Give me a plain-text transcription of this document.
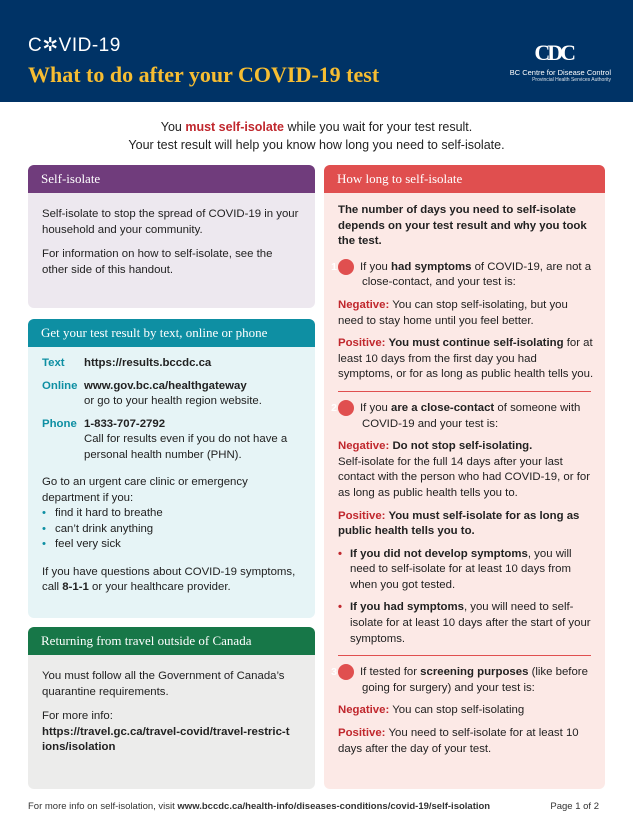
C✲VID-19
What to do after your COVID-19 test
CDC
BC Centre for Disease Control
Provincial Health Services Authority
You must self-isolate while you wait for your test result.
Your test result will help you know how long you need to self-isolate.
Self-isolate

Self-isolate to stop the spread of COVID-19 in your household and your community.

For information on how to self-isolate, see the other side of this handout.

Get your test result by text, online or phone
Text	https://results.bccdc.ca
Online www.gov.bc.ca/healthgateway
or go to your health region website.
Phone 1-833-707-2792
Call for results even if you do not have a personal health number (PHN).

Go to an urgent care clinic or emergency department if you:

• find it hard to breathe
• can’t drink anything
• feel very sick

If you have questions about COVID-19 symptoms, call 8-1-1 or your healthcare provider.

Returning from travel outside of Canada

You must follow all the Government of Canada’s quarantine requirements.

For more info:

https://travel.gc.ca/travel-covid/travel-restric-tions/isolation

How long to self-isolate

The number of days you need to self-isolate depends on your test result and why you took the test.

1 If you had symptoms of COVID-19, are not a close-contact, and your test is:

Negative: You can stop self-isolating, but you need to stay home until you feel better.

Positive: You must continue self-isolating for at least 10 days from the first day you had symptoms, or for as long as public health tells you.

2 If you are a close-contact of someone with COVID-19 and your test is:

Negative: Do not stop self-isolating.
Self-isolate for the full 14 days after your last contact with the person who had COVID-19, or for as long as public health tells you to.

Positive: You must self-isolate for as long as public health tells you to.

• If you did not develop symptoms, you will need to self-isolate for at least 10 days from when you got tested.
• If you had symptoms, you will need to self-isolate for at least 10 days after the start of your symptoms.

3 If tested for screening purposes (like before going for surgery) and your test is:

Negative: You can stop self-isolating

Positive: You need to self-isolate for at least 10 days after the day of your test.

For more info on self-isolation, visit www.bccdc.ca/health-info/diseases-conditions/covid-19/self-isolation	Page 1 of 2
